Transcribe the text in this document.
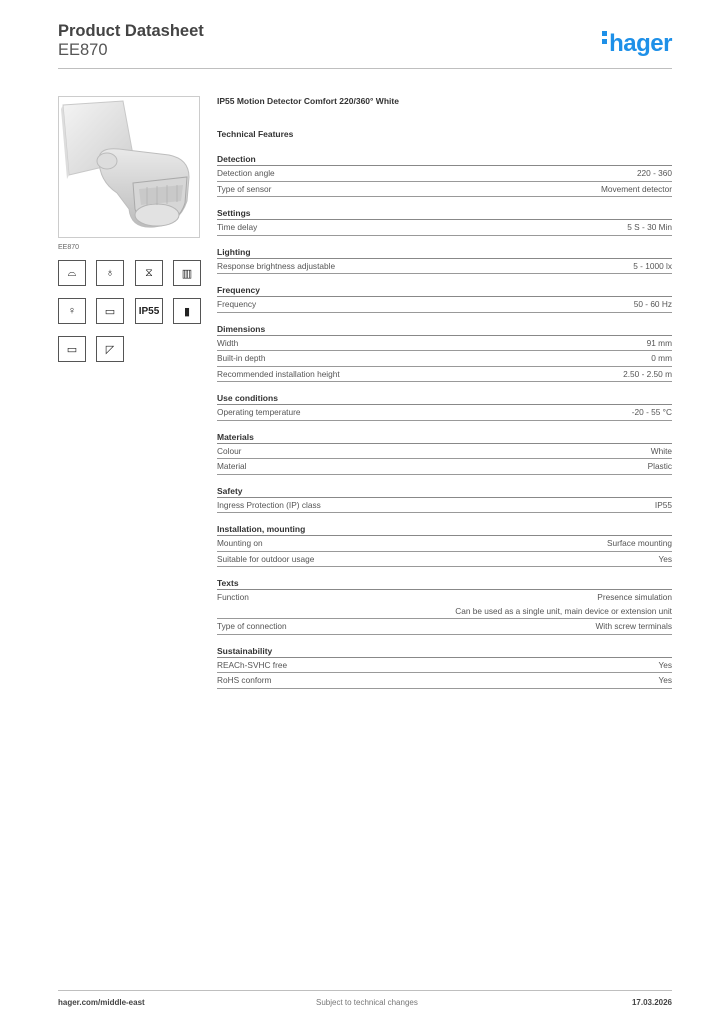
Product Datasheet
EE870	hager
EE870
⌓	♁	⧖	▥
♀	▭	IP55	▮
▭	◸
IP55 Motion Detector Comfort 220/360° White
Technical Features
Detection
Detection angle	220 - 360
Type of sensor	Movement detector
Settings
Time delay	5 S - 30 Min
Lighting
Response brightness adjustable	5 - 1000 lx
Frequency
Frequency	50 - 60 Hz
Dimensions
Width	91 mm
Built-in depth	0 mm
Recommended installation height	2.50 - 2.50 m
Use conditions
Operating temperature	-20 - 55 °C
Materials
Colour	White
Material	Plastic
Safety
Ingress Protection (IP) class	IP55
Installation, mounting
Mounting on	Surface mounting
Suitable for outdoor usage	Yes
Texts
Function	Presence simulation
Can be used as a single unit, main device or extension unit
Type of connection	With screw terminals
Sustainability
REACh-SVHC free	Yes
RoHS conform	Yes
hager.com/middle-east	Subject to technical changes	17.03.2026
